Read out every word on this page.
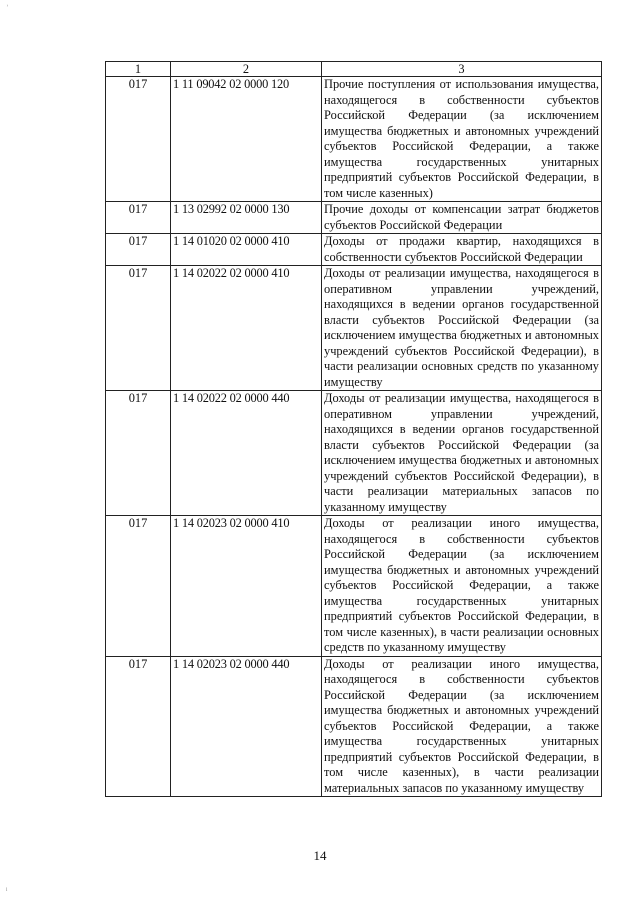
ʾ
1	2	3
017	1 11 09042 02 0000 120	Прочие поступления от использования имущества, находящегося в собственности субъектов Российской Федерации (за исключением имущества бюджетных и автономных учреждений субъектов Российской Федерации, а также имущества государственных унитарных предприятий субъектов Российской Федерации, в том числе казенных)
017	1 13 02992 02 0000 130	Прочие доходы от компенсации затрат бюджетов субъектов Российской Федерации
017	1 14 01020 02 0000 410	Доходы от продажи квартир, находящихся в собственности субъектов Российской Федерации
017	1 14 02022 02 0000 410	Доходы от реализации имущества, находящегося в оперативном управлении учреждений, находящихся в ведении органов государственной власти субъектов Российской Федерации (за исключением имущества бюджетных и автономных учреждений субъектов Российской Федерации), в части реализации основных средств по указанному имуществу
017	1 14 02022 02 0000 440	Доходы от реализации имущества, находящегося в оперативном управлении учреждений, находящихся в ведении органов государственной власти субъектов Российской Федерации (за исключением имущества бюджетных и автономных учреждений субъектов Российской Федерации), в части реализации материальных запасов по указанному имуществу
017	1 14 02023 02 0000 410	Доходы от реализации иного имущества, находящегося в собственности субъектов Российской Федерации (за исключением имущества бюджетных и автономных учреждений субъектов Российской Федерации, а также имущества государственных унитарных предприятий субъектов Российской Федерации, в том числе казенных), в части реализации основных средств по указанному имуществу
017	1 14 02023 02 0000 440	Доходы от реализации иного имущества, находящегося в собственности субъектов Российской Федерации (за исключением имущества бюджетных и автономных учреждений субъектов Российской Федерации, а также имущества государственных унитарных предприятий субъектов Российской Федерации, в том числе казенных), в части реализации материальных запасов по указанному имуществу
14
ˡ
